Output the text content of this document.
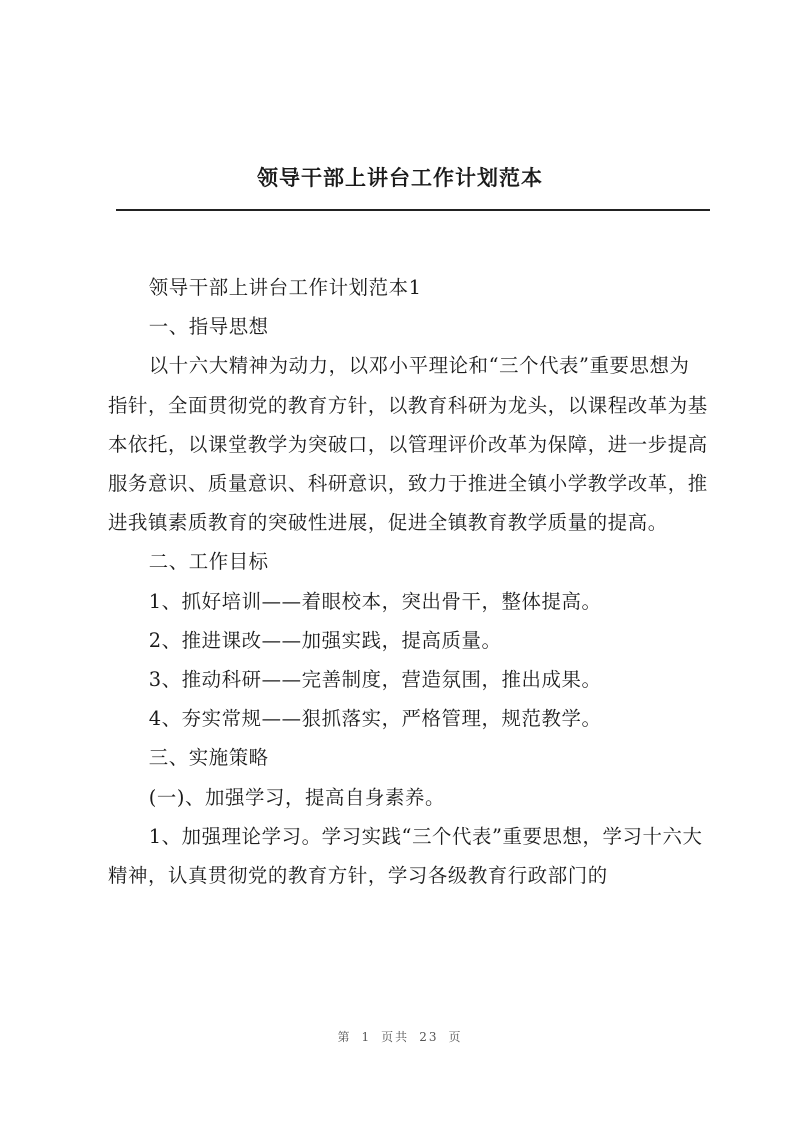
领导干部上讲台工作计划范本

领导干部上讲台工作计划范本1

一、指导思想

以十六大精神为动力，以邓小平理论和“三个代表”重要思想为指针，全面贯彻党的教育方针，以教育科研为龙头，以课程改革为基本依托，以课堂教学为突破口，以管理评价改革为保障，进一步提高服务意识、质量意识、科研意识，致力于推进全镇小学教学改革，推进我镇素质教育的突破性进展，促进全镇教育教学质量的提高。

二、工作目标

1、抓好培训——着眼校本，突出骨干，整体提高。

2、推进课改——加强实践，提高质量。

3、推动科研——完善制度，营造氛围，推出成果。

4、夯实常规——狠抓落实，严格管理，规范教学。

三、实施策略

(一)、加强学习，提高自身素养。

1、加强理论学习。学习实践“三个代表”重要思想，学习十六大精神，认真贯彻党的教育方针，学习各级教育行政部门的

第 1 页共 23 页
